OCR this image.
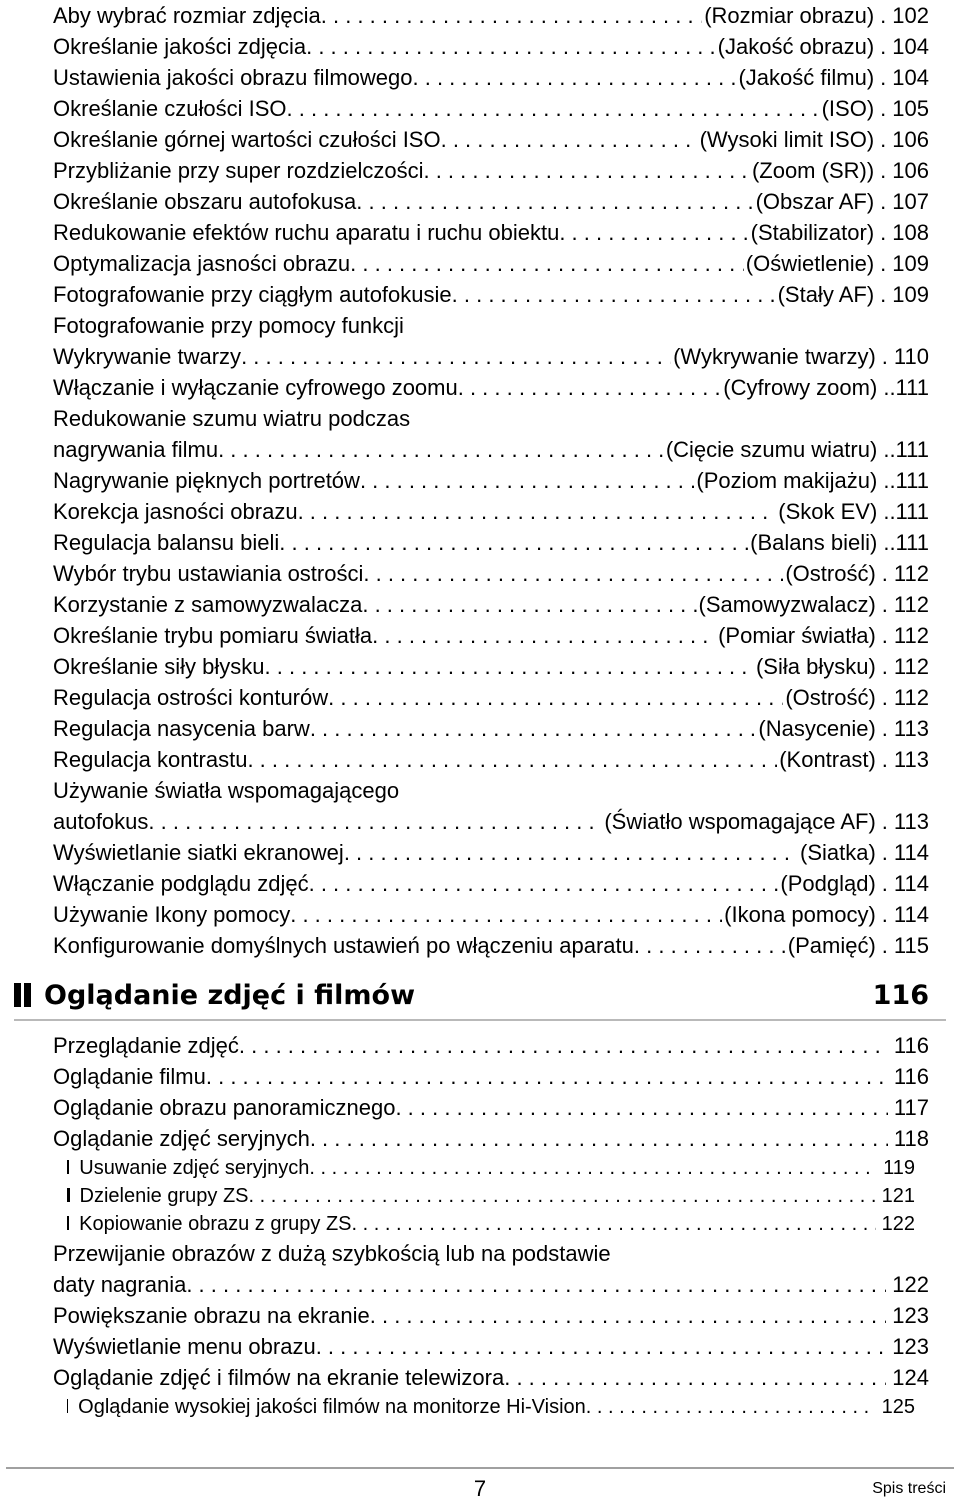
Aby wybrać rozmiar zdjęcia . . .	(Rozmiar obrazu) . 102
Określanie jakości zdjęcia . . .	(Jakość obrazu) . 104
Ustawienia jakości obrazu filmowego . . .	(Jakość filmu) . 104
Określanie czułości ISO . . .	(ISO) . 105
Określanie górnej wartości czułości ISO . . .	(Wysoki limit ISO) . 106
Przybliżanie przy super rozdzielczości . . .	(Zoom (SR)) . 106
Określanie obszaru autofokusa . . .	(Obszar AF) . 107
Redukowanie efektów ruchu aparatu i ruchu obiektu . . .	(Stabilizator) . 108
Optymalizacja jasności obrazu . . .	(Oświetlenie) . 109
Fotografowanie przy ciągłym autofokusie . . .	(Stały AF) . 109
Fotografowanie przy pomocy funkcji
Wykrywanie twarzy . . .	(Wykrywanie twarzy) . 110
Włączanie i wyłączanie cyfrowego zoomu . . .	(Cyfrowy zoom) . .111
Redukowanie szumu wiatru podczas
nagrywania filmu . . .	(Cięcie szumu wiatru) . .111
Nagrywanie pięknych portretów . . .	(Poziom makijażu) . .111
Korekcja jasności obrazu . . .	(Skok EV) . .111
Regulacja balansu bieli . . .	(Balans bieli) . .111
Wybór trybu ustawiania ostrości . . .	(Ostrość) . 112
Korzystanie z samowyzwalacza . . .	(Samowyzwalacz) . 112
Określanie trybu pomiaru światła . . .	(Pomiar światła) . 112
Określanie siły błysku . . .	(Siła błysku) . 112
Regulacja ostrości konturów . . .	(Ostrość) . 112
Regulacja nasycenia barw . . .	(Nasycenie) . 113
Regulacja kontrastu . . .	(Kontrast) . 113
Używanie światła wspomagającego
autofokus . . .	(Światło wspomagające AF) . 113
Wyświetlanie siatki ekranowej . . .	(Siatka) . 114
Włączanie podglądu zdjęć . . .	(Podgląd) . 114
Używanie Ikony pomocy . . .	(Ikona pomocy) . 114
Konfigurowanie domyślnych ustawień po włączeniu aparatu . . .	(Pamięć) . 115
Oglądanie zdjęć i filmów	116
Przeglądanie zdjęć . . .	116
Oglądanie filmu . . .	116
Oglądanie obrazu panoramicznego . . .	117
Oglądanie zdjęć seryjnych . . .	118
Usuwanie zdjęć seryjnych . . .	119
Dzielenie grupy ZS . . .	121
Kopiowanie obrazu z grupy ZS . . .	122
Przewijanie obrazów z dużą szybkością lub na podstawie
daty nagrania . . .	122
Powiększanie obrazu na ekranie . . .	123
Wyświetlanie menu obrazu . . .	123
Oglądanie zdjęć i filmów na ekranie telewizora . . .	124
Oglądanie wysokiej jakości filmów na monitorze Hi-Vision . . .	125
7	Spis treści
